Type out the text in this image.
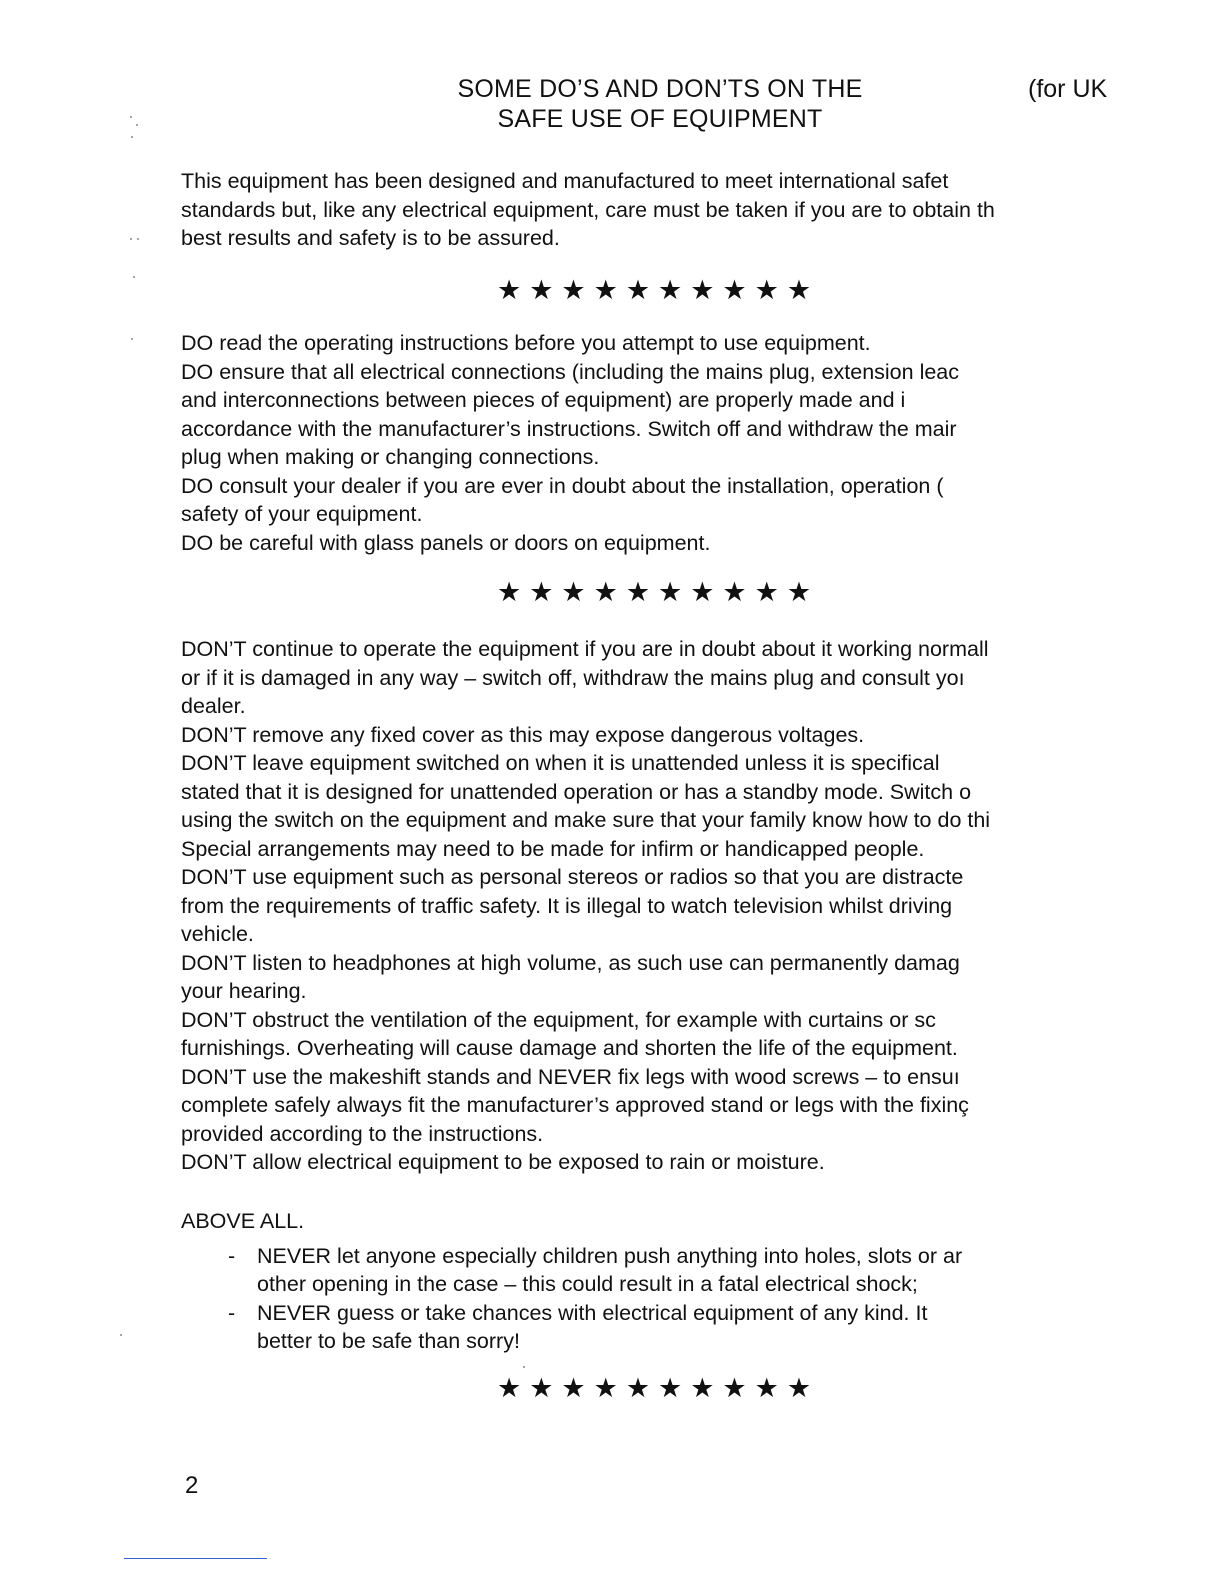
SOME DO’S AND DON’TS ON THE
SAFE USE OF EQUIPMENT
(for UK
This equipment has been designed and manufactured to meet international safet
standards but, like any electrical equipment, care must be taken if you are to obtain th
best results and safety is to be assured.
★★★★★★★★★★
DO read the operating instructions before you attempt to use equipment.
DO ensure that all electrical connections (including the mains plug, extension leac
and interconnections between pieces of equipment) are properly made and i
accordance with the manufacturer’s instructions. Switch off and withdraw the mair
plug when making or changing connections.
DO consult your dealer if you are ever in doubt about the installation, operation (
safety of your equipment.
DO be careful with glass panels or doors on equipment.
★★★★★★★★★★
DON’T continue to operate the equipment if you are in doubt about it working normall
or if it is damaged in any way – switch off, withdraw the mains plug and consult yoı
dealer.
DON’T remove any fixed cover as this may expose dangerous voltages.
DON’T leave equipment switched on when it is unattended unless it is specifical
stated that it is designed for unattended operation or has a standby mode. Switch o
using the switch on the equipment and make sure that your family know how to do thi
Special arrangements may need to be made for infirm or handicapped people.
DON’T use equipment such as personal stereos or radios so that you are distracte
from the requirements of traffic safety. It is illegal to watch television whilst driving
vehicle.
DON’T listen to headphones at high volume, as such use can permanently damag
your hearing.
DON’T obstruct the ventilation of the equipment, for example with curtains or sc
furnishings. Overheating will cause damage and shorten the life of the equipment.
DON’T use the makeshift stands and NEVER fix legs with wood screws – to ensuı
complete safely always fit the manufacturer’s approved stand or legs with the fixinç
provided according to the instructions.
DON’T allow electrical equipment to be exposed to rain or moisture.
ABOVE ALL.
- NEVER let anyone especially children push anything into holes, slots or ar
other opening in the case – this could result in a fatal electrical shock;
- NEVER guess or take chances with electrical equipment of any kind. It
better to be safe than sorry!
★★★★★★★★★★
2
